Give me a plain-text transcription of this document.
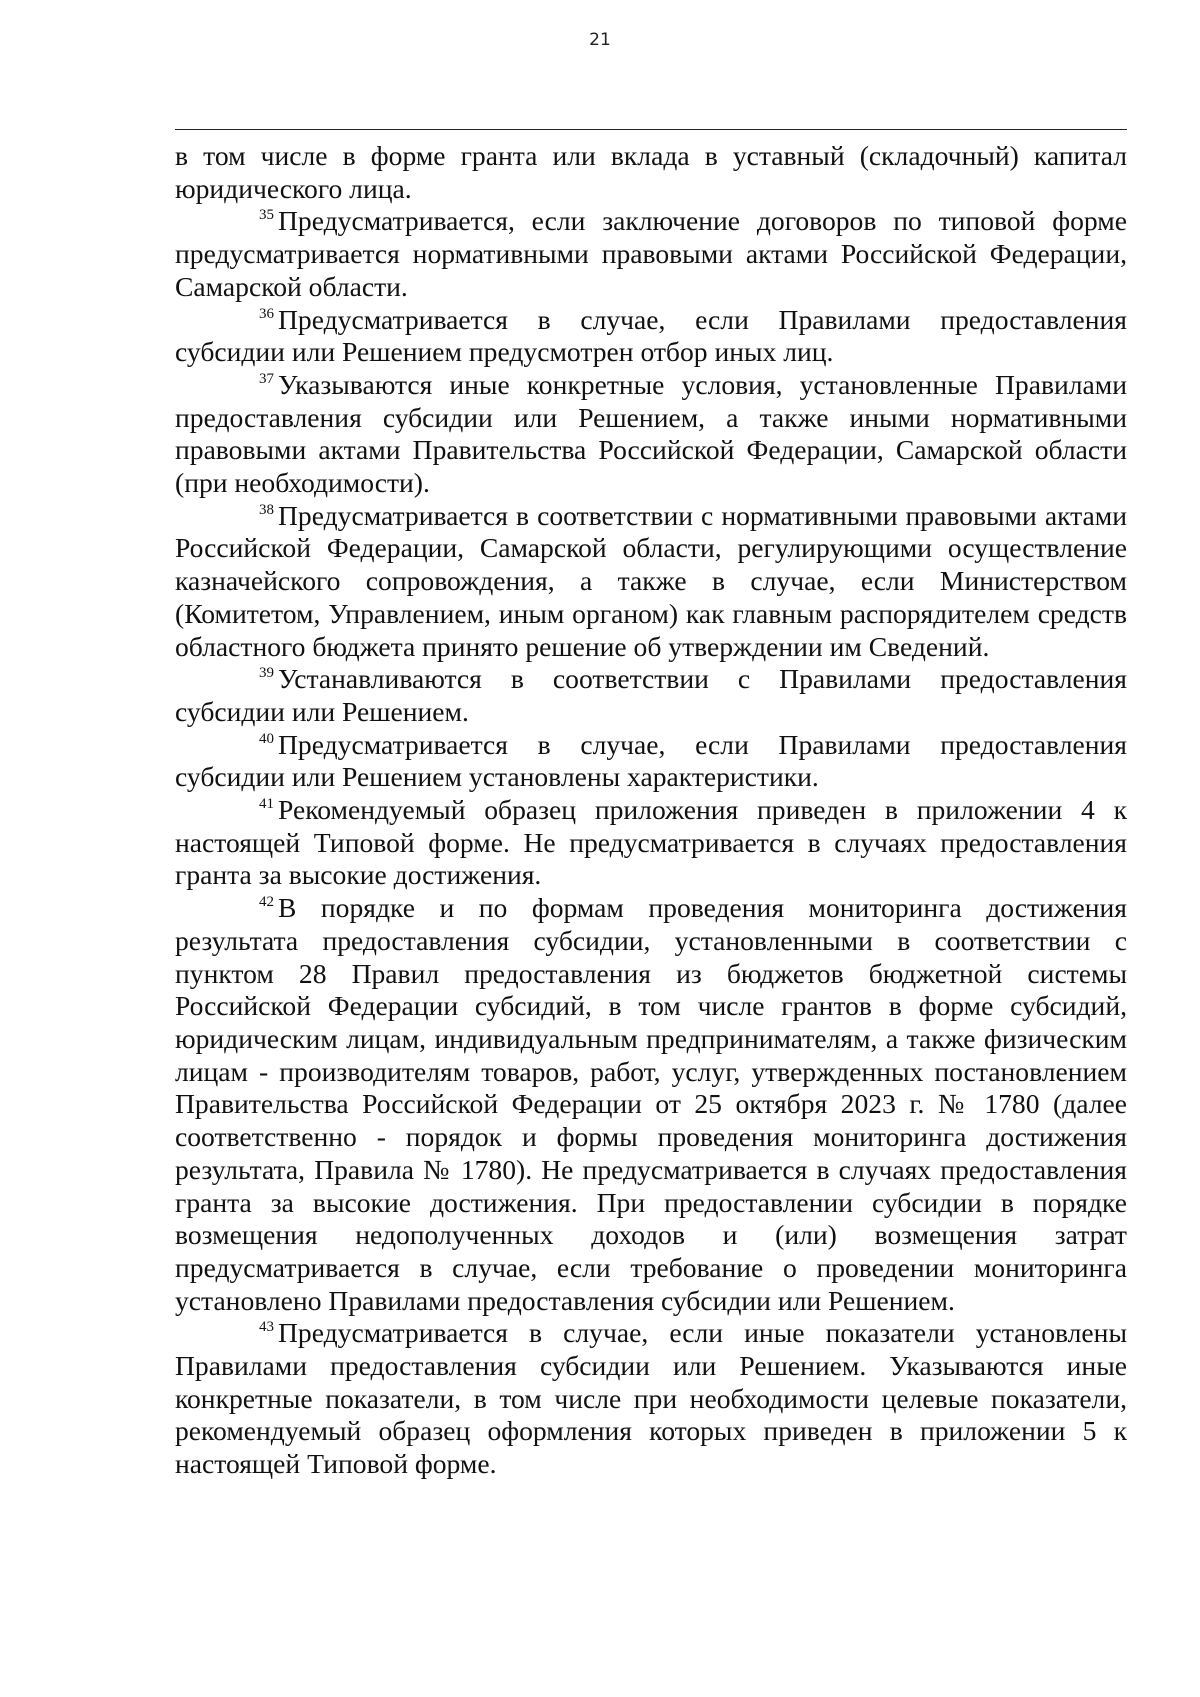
21

в том числе в форме гранта или вклада в уставный (складочный) капитал юридического лица.

$^{35}$ Предусматривается, если заключение договоров по типовой форме предусматривается нормативными правовыми актами Российской Федерации, Самарской области.

$^{36}$ Предусматривается в случае, если Правилами предоставления субсидии или Решением предусмотрен отбор иных лиц.

$^{37}$ Указываются иные конкретные условия, установленные Правилами предоставления субсидии или Решением, а также иными нормативными правовыми актами Правительства Российской Федерации, Самарской области (при необходимости).

$^{38}$ Предусматривается в соответствии с нормативными правовыми актами Российской Федерации, Самарской области, регулирующими осуществление казначейского сопровождения, а также в случае, если Министерством (Комитетом, Управлением, иным органом) как главным распорядителем средств областного бюджета принято решение об утверждении им Сведений.

$^{39}$ Устанавливаются в соответствии с Правилами предоставления субсидии или Решением.

$^{40}$ Предусматривается в случае, если Правилами предоставления субсидии или Решением установлены характеристики.

$^{41}$ Рекомендуемый образец приложения приведен в приложении 4 к настоящей Типовой форме. Не предусматривается в случаях предоставления гранта за высокие достижения.

$^{42}$ В порядке и по формам проведения мониторинга достижения результата предоставления субсидии, установленными в соответствии с пунктом 28 Правил предоставления из бюджетов бюджетной системы Российской Федерации субсидий, в том числе грантов в форме субсидий, юридическим лицам, индивидуальным предпринимателям, а также физическим лицам - производителям товаров, работ, услуг, утвержденных постановлением Правительства Российской Федерации от 25 октября 2023 г. № 1780 (далее соответственно - порядок и формы проведения мониторинга достижения результата, Правила № 1780). Не предусматривается в случаях предоставления гранта за высокие достижения. При предоставлении субсидии в порядке возмещения недополученных доходов и (или) возмещения затрат предусматривается в случае, если требование о проведении мониторинга установлено Правилами предоставления субсидии или Решением.

$^{43}$ Предусматривается в случае, если иные показатели установлены Правилами предоставления субсидии или Решением. Указываются иные конкретные показатели, в том числе при необходимости целевые показатели, рекомендуемый образец оформления которых приведен в приложении 5 к настоящей Типовой форме.
